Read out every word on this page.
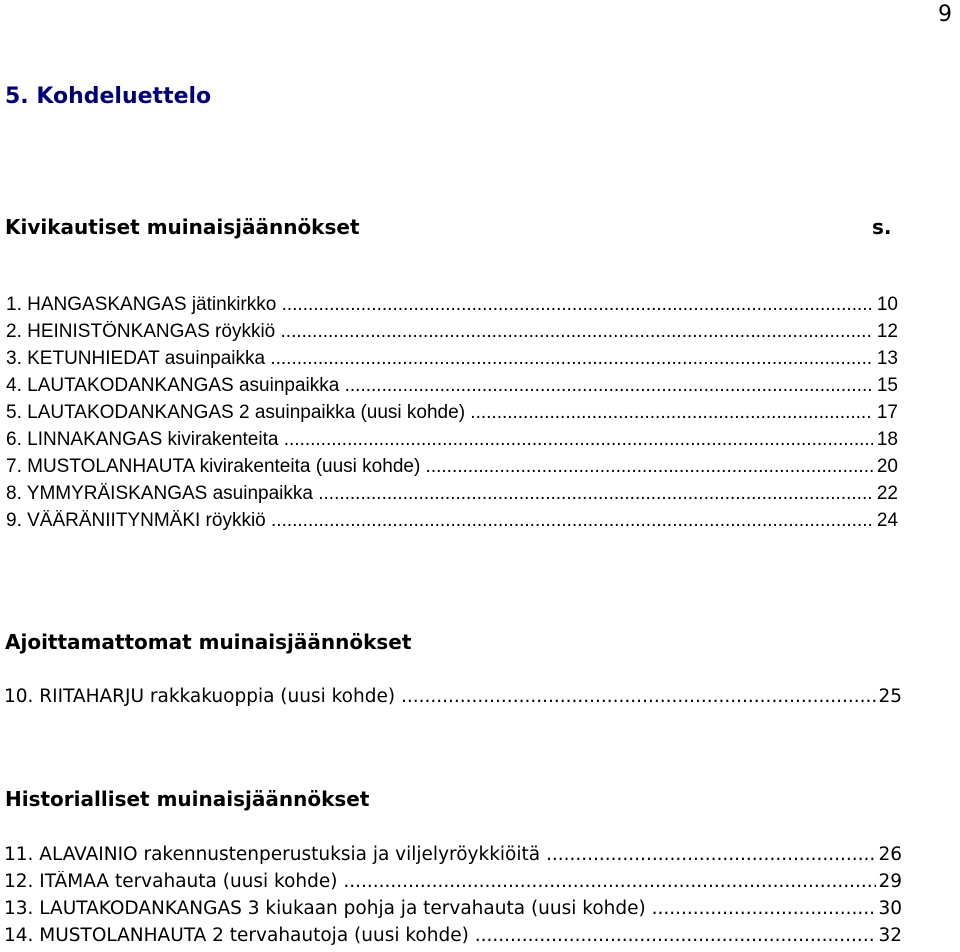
9
5. Kohdeluettelo
Kivikautiset muinaisjäännökset	s.
1. HANGASKANGAS jätinkirkko .....	10
2. HEINISTÖNKANGAS röykkiö .....	12
3. KETUNHIEDAT asuinpaikka .....	13
4. LAUTAKODANKANGAS asuinpaikka .....	15
5. LAUTAKODANKANGAS 2 asuinpaikka (uusi kohde) .....	17
6. LINNAKANGAS kivirakenteita .....	18
7. MUSTOLANHAUTA kivirakenteita (uusi kohde) .....	20
8. YMMYRÄISKANGAS asuinpaikka .....	22
9. VÄÄRÄNIITYNMÄKI röykkiö .....	24
Ajoittamattomat muinaisjäännökset
10. RIITAHARJU rakkakuoppia (uusi kohde) .....	25
Historialliset muinaisjäännökset
11. ALAVAINIO rakennustenperustuksia ja viljelyröykkiöitä .....	26
12. ITÄMAA tervahauta (uusi kohde) .....	29
13. LAUTAKODANKANGAS 3 kiukaan pohja ja tervahauta (uusi kohde) .....	30
14. MUSTOLANHAUTA 2 tervahautoja (uusi kohde) .....	32
